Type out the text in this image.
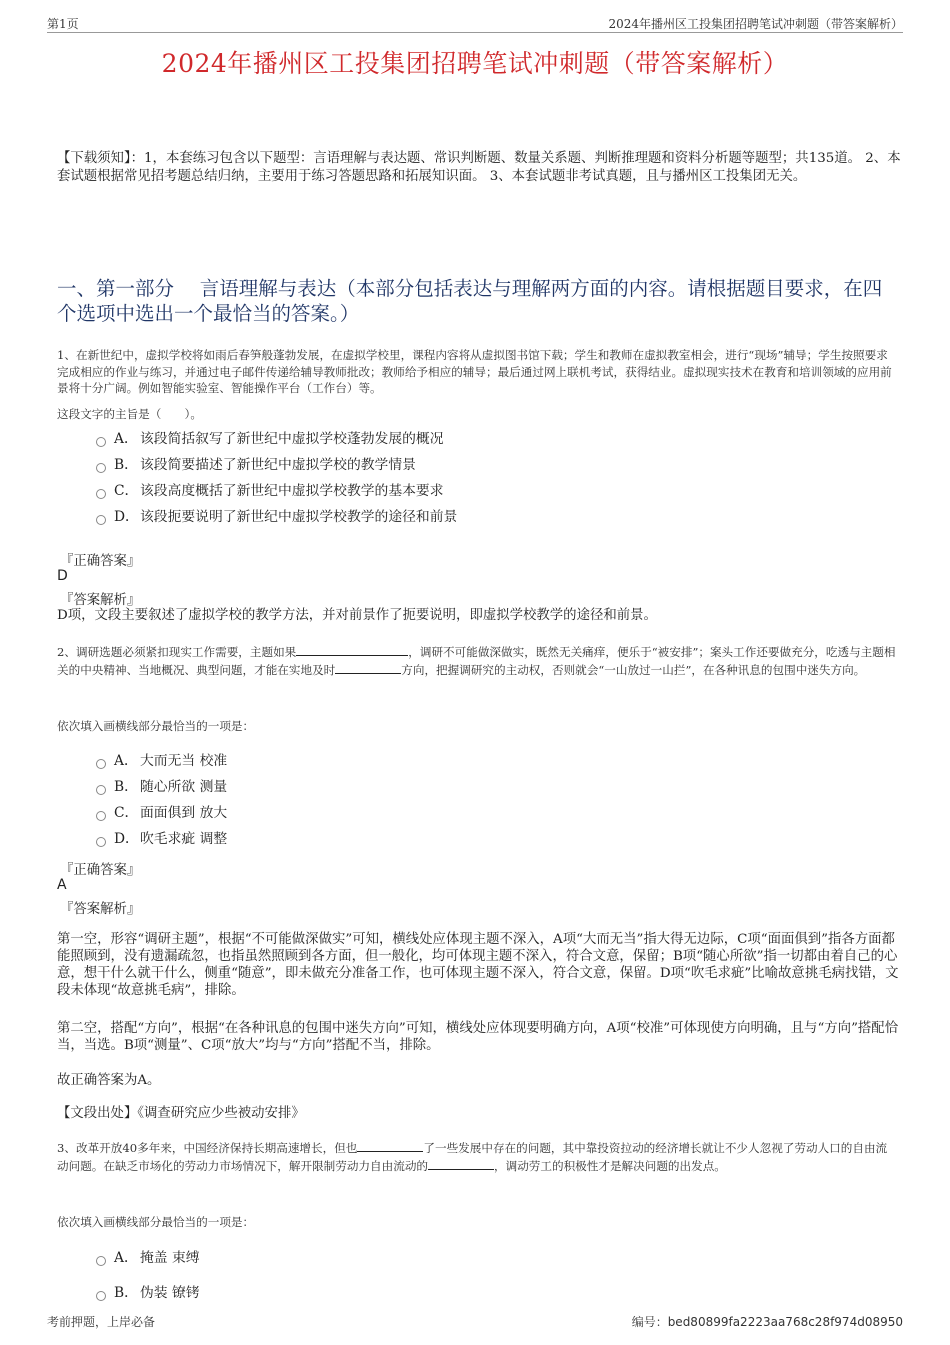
第1页	2024年播州区工投集团招聘笔试冲刺题（带答案解析）
2024年播州区工投集团招聘笔试冲刺题（带答案解析）
【下载须知】：1，本套练习包含以下题型：言语理解与表达题、常识判断题、数量关系题、判断推理题和资料分析题等题型；共135道。 2、本套试题根据常见招考题总结归纳，主要用于练习答题思路和拓展知识面。 3、本套试题非考试真题，且与播州区工投集团无关。
一、第一部分　 言语理解与表达（本部分包括表达与理解两方面的内容。请根据题目要求，在四个选项中选出一个最恰当的答案。）
1、在新世纪中，虚拟学校将如雨后春笋般蓬勃发展，在虚拟学校里，课程内容将从虚拟图书馆下载；学生和教师在虚拟教室相会，进行“现场”辅导；学生按照要求完成相应的作业与练习，并通过电子邮件传递给辅导教师批改；教师给予相应的辅导；最后通过网上联机考试，获得结业。虚拟现实技术在教育和培训领域的应用前景将十分广阔。例如智能实验室、智能操作平台（工作台）等。
这段文字的主旨是（　　）。
A． 该段简括叙写了新世纪中虚拟学校蓬勃发展的概况
B． 该段简要描述了新世纪中虚拟学校的教学情景
C． 该段高度概括了新世纪中虚拟学校教学的基本要求
D．该段扼要说明了新世纪中虚拟学校教学的途径和前景
『正确答案』
D
『答案解析』
D项，文段主要叙述了虚拟学校的教学方法，并对前景作了扼要说明，即虚拟学校教学的途径和前景。
2、调研选题必须紧扣现实工作需要，主题如果	，调研不可能做深做实，既然无关痛痒，便乐于“被安排”；案头工作还要做充分，吃透与主题相关的中央精神、当地概况、典型问题，才能在实地及时	方向，把握调研究的主动权，否则就会“一山放过一山拦”，在各种讯息的包围中迷失方向。
依次填入画横线部分最恰当的一项是：
A． 大而无当 校准
B． 随心所欲 测量
C． 面面俱到 放大
D．吹毛求疵 调整
『正确答案』
A
『答案解析』
第一空，形容“调研主题”，根据“不可能做深做实”可知，横线处应体现主题不深入，A项“大而无当”指大得无边际，C项“面面俱到”指各方面都能照顾到，没有遗漏疏忽，也指虽然照顾到各方面，但一般化，均可体现主题不深入，符合文意，保留；B项“随心所欲”指一切都由着自己的心意，想干什么就干什么，侧重“随意”，即未做充分准备工作，也可体现主题不深入，符合文意，保留。D项“吹毛求疵”比喻故意挑毛病找错，文段未体现“故意挑毛病”，排除。
第二空，搭配“方向”，根据“在各种讯息的包围中迷失方向”可知，横线处应体现要明确方向，A项“校准”可体现使方向明确，且与“方向”搭配恰当，当选。B项“测量”、C项“放大”均与“方向”搭配不当，排除。
故正确答案为A。
【文段出处】《调查研究应少些被动安排》
3、改革开放40多年来，中国经济保持长期高速增长，但也	了一些发展中存在的问题，其中靠投资拉动的经济增长就让不少人忽视了劳动人口的自由流动问题。在缺乏市场化的劳动力市场情况下，解开限制劳动力自由流动的	，调动劳工的积极性才是解决问题的出发点。
依次填入画横线部分最恰当的一项是：
A． 掩盖 束缚
B． 伪装 镣铐
考前押题，上岸必备	编号：bed80899fa2223aa768c28f974d08950
